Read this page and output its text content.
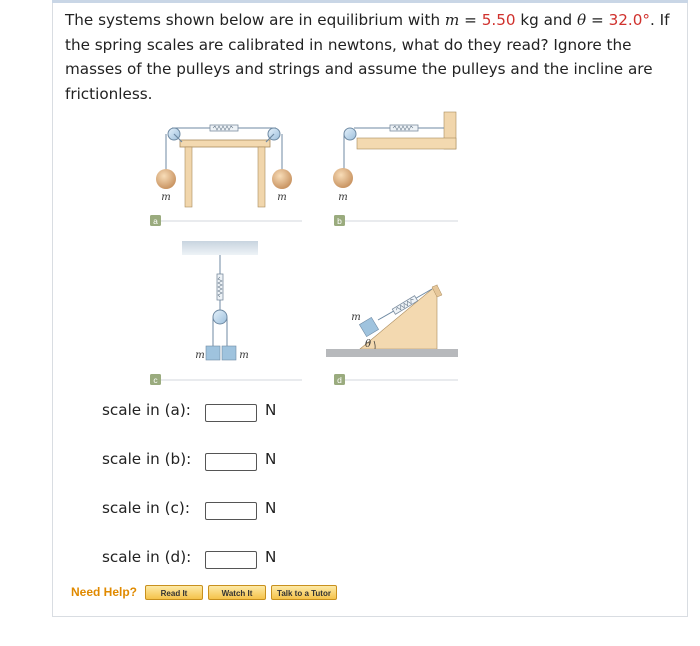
The systems shown below are in equilibrium with m = 5.50 kg and θ = 32.0°. If the spring scales are calibrated in newtons, what do they read? Ignore the masses of the pulleys and strings and assume the pulleys and the incline are frictionless.
m	m
a
m
b
m	m
c
m
θ
d
scale in (a):	N
scale in (b):	N
scale in (c):	N
scale in (d):	N
Need Help?	Read It	Watch It	Talk to a Tutor
